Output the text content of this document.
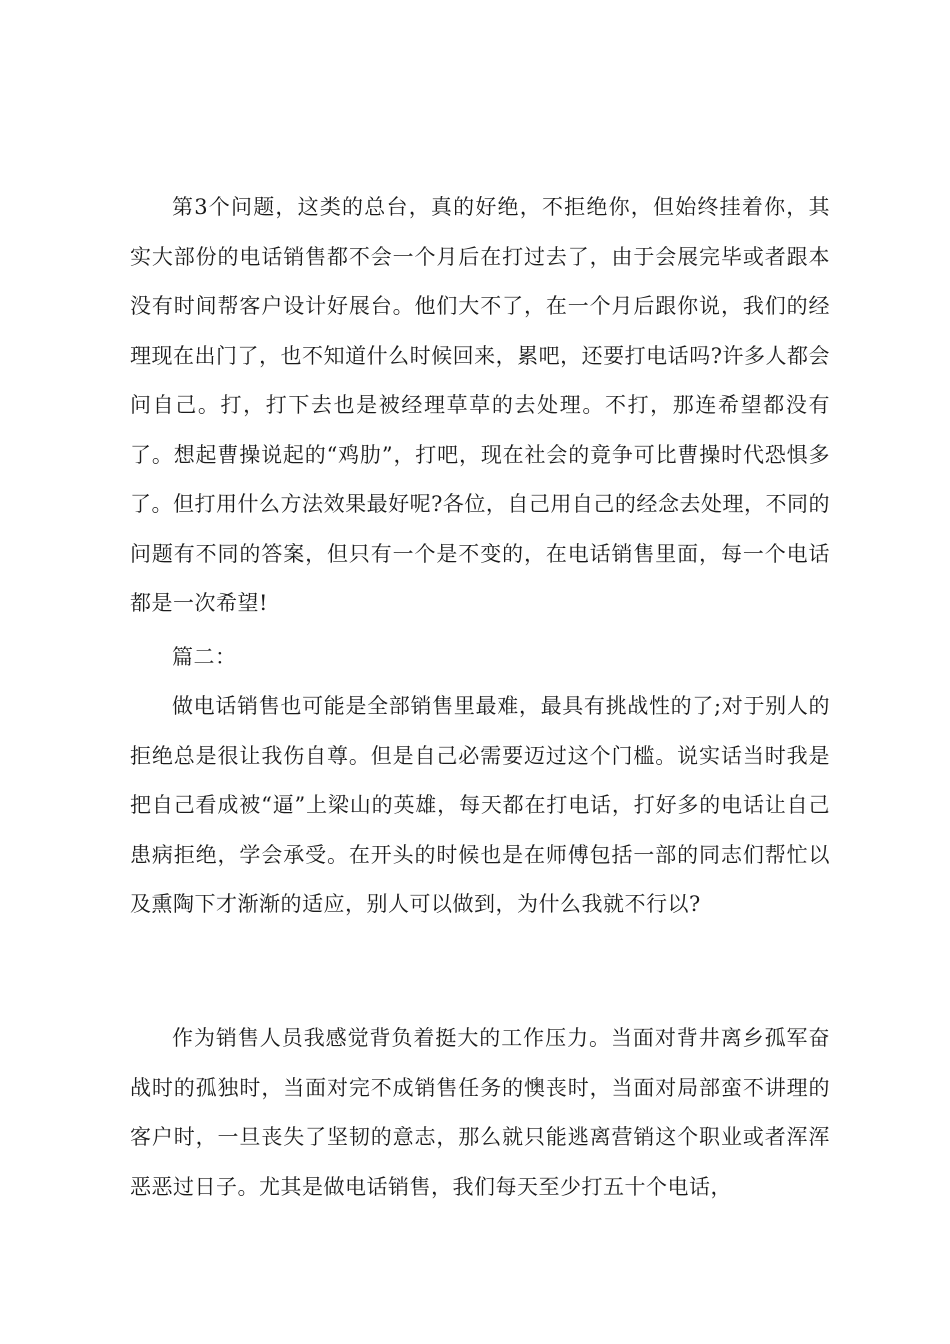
第3个问题，这类的总台，真的好绝，不拒绝你，但始终挂着你，其实大部份的电话销售都不会一个月后在打过去了，由于会展完毕或者跟本没有时间帮客户设计好展台。他们大不了，在一个月后跟你说，我们的经理现在出门了，也不知道什么时候回来，累吧，还要打电话吗?许多人都会问自己。打，打下去也是被经理草草的去处理。不打，那连希望都没有了。想起曹操说起的“鸡肋”，打吧，现在社会的竟争可比曹操时代恐惧多了。但打用什么方法效果最好呢?各位，自己用自己的经念去处理，不同的问题有不同的答案，但只有一个是不变的，在电话销售里面，每一个电话都是一次希望!

篇二：

做电话销售也可能是全部销售里最难，最具有挑战性的了;对于别人的拒绝总是很让我伤自尊。但是自己必需要迈过这个门槛。说实话当时我是把自己看成被“逼”上梁山的英雄，每天都在打电话，打好多的电话让自己患病拒绝，学会承受。在开头的时候也是在师傅包括一部的同志们帮忙以及熏陶下才渐渐的适应，别人可以做到，为什么我就不行以?

作为销售人员我感觉背负着挺大的工作压力。当面对背井离乡孤军奋战时的孤独时，当面对完不成销售任务的懊丧时，当面对局部蛮不讲理的客户时，一旦丧失了坚韧的意志，那么就只能逃离营销这个职业或者浑浑恶恶过日子。尤其是做电话销售，我们每天至少打五十个电话，
